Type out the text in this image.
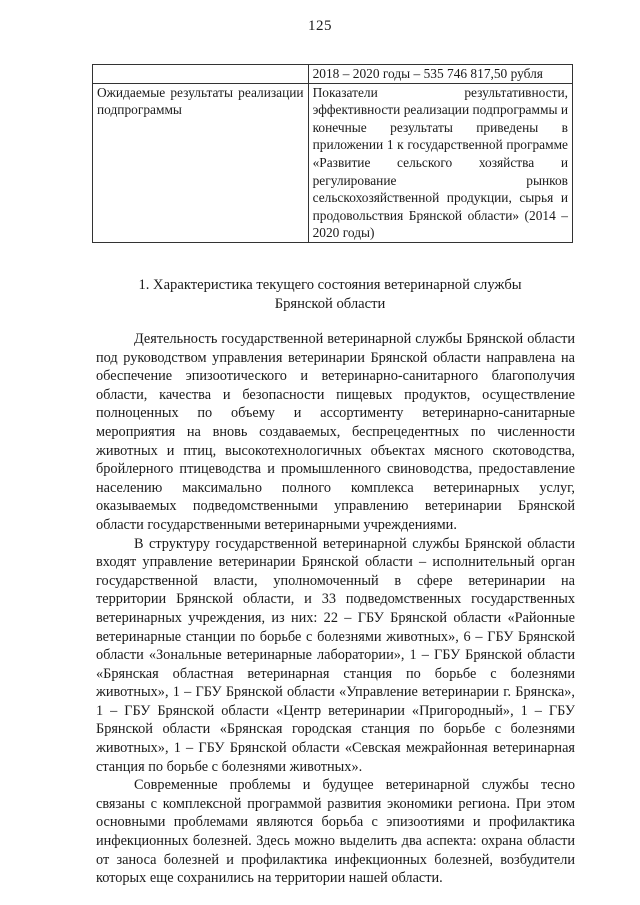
125

	2018 – 2020 годы – 535 746 817,50 рубля

Ожидаемые результаты реализации подпрограммы	Показатели результативности, эффективности реализации подпрограммы и конечные результаты приведены в приложении 1 к государственной программе «Развитие сельского хозяйства и регулирование рынков сельскохозяйственной продукции, сырья и продовольствия Брянской области» (2014 – 2020 годы)

1. Характеристика текущего состояния ветеринарной службы
Брянской области

Деятельность государственной ветеринарной службы Брянской области под руководством управления ветеринарии Брянской области направлена на обеспечение эпизоотического и ветеринарно-санитарного благополучия области, качества и безопасности пищевых продуктов, осуществление полноценных по объему и ассортименту ветеринарно-санитарные мероприятия на вновь создаваемых, беспрецедентных по численности животных и птиц, высокотехнологичных объектах мясного скотоводства, бройлерного птицеводства и промышленного свиноводства, предоставление населению максимально полного комплекса ветеринарных услуг, оказываемых подведомственными управлению ветеринарии Брянской области государственными ветеринарными учреждениями.

В структуру государственной ветеринарной службы Брянской области входят управление ветеринарии Брянской области – исполнительный орган государственной власти, уполномоченный в сфере ветеринарии на территории Брянской области, и 33 подведомственных государственных ветеринарных учреждения, из них: 22 – ГБУ Брянской области «Районные ветеринарные станции по борьбе с болезнями животных», 6 – ГБУ Брянской области «Зональные ветеринарные лаборатории», 1 – ГБУ Брянской области «Брянская областная ветеринарная станция по борьбе с болезнями животных», 1 – ГБУ Брянской области «Управление ветеринарии г. Брянска», 1 – ГБУ Брянской области «Центр ветеринарии «Пригородный», 1 – ГБУ Брянской области «Брянская городская станция по борьбе с болезнями животных», 1 – ГБУ Брянской области «Севская межрайонная ветеринарная станция по борьбе с болезнями животных».

Современные проблемы и будущее ветеринарной службы тесно связаны с комплексной программой развития экономики региона. При этом основными проблемами являются борьба с эпизоотиями и профилактика инфекционных болезней. Здесь можно выделить два аспекта: охрана области от заноса болезней и профилактика инфекционных болезней, возбудители которых еще сохранились на территории нашей области.
